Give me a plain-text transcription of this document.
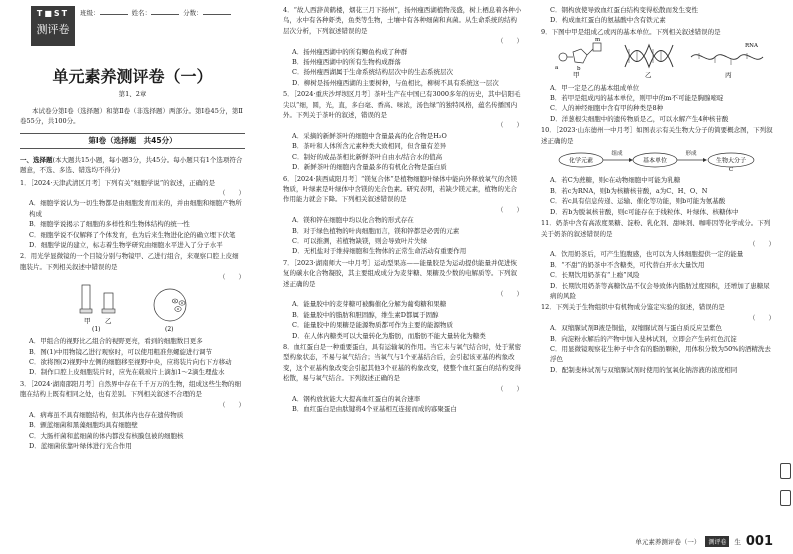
T■ST
测评卷
班级：	姓名：	分数：
单元素养测评卷（一）
第1、2章
本试卷分第Ⅰ卷（选择题）和第Ⅱ卷（非选择题）两部分。第Ⅰ卷45分，第Ⅱ卷55分，共100分。
第Ⅰ卷（选择题　共45分）
一、选择题(本大题共15小题，每小题3分，共45分。每小题只有1个选项符合题意，不选、多选、错选均不得分)
1．［2024·天津武清区月考］下列有关“细胞学说”的叙述，正确的是
（　　）
A．细胞学说认为一切生物都是由细胞发育而来的，并由细胞和细胞产物所构成
B．细胞学说揭示了细胞的多样性和生物体结构的统一性
C．细胞学说不仅解释了个体发育，也为后来生物进化论的确立埋下伏笔
D．细胞学说的建立，标志着生物学研究由细胞水平进入了分子水平
2．用光学显微镜的一个目镜分别与物镜甲、乙进行组合，来观察口腔上皮细胞装片。下列相关叙述中错误的是
（　　）
甲 乙
(1)	(2)
A．甲组合的视野比乙组合的视野更亮，看到的细胞数目更多
B．图(1)中用物镜乙进行观察时，可以使用粗准焦螺旋进行调节
C．欲将图(2)视野中左侧的细胞移至视野中央，应将装片向右下方移动
D．制作口腔上皮细胞装片时，应先在载玻片上滴加1～2滴生理盐水
3．［2024·湖南邵阳月考］自然界中存在千千万万的生物，组成这些生物的细胞在结构上既有相同之处，也有差别。下列相关叙述不合理的是
（　　）
A．病毒虽不具有细胞结构，但其体内也存在遗传物质
B．颤蓝细菌和黑藻细胞均具有细胞壁
C．大肠杆菌和蓝细菌的体内都没有核膜包被的细胞核
D．蓝细菌依靠叶绿体进行光合作用
4．“故人西辞黄鹤楼，烟花三月下扬州”，扬州瘦西湖植物茂盛，树上栖息着各种小鸟，水中有各种虾类，鱼类等生物，土壤中有各种细菌和真菌。从生命系统的结构层次分析，下列叙述错误的是
（　　）
A．扬州瘦西湖中的所有鲫鱼构成了种群
B．扬州瘦西湖中的所有生物构成群落
C．扬州瘦西湖属于生命系统结构层次中的生态系统层次
D．柳树是扬州瘦西湖的主要树种，与鱼相比，柳树不具有系统这一层次
5．［2024·重庆沙坪坝区月考］茶叶生产在中国已有3000多年的历史，其中信阳毛尖以“细，圆，光，直，多白毫、香高、味浓，汤色绿”的独特风格，蕴名传播国内外。下列关于茶叶的叙述，错误的是
（　　）
A．采摘的新鲜茶叶的细胞中含量最高的化合物是H₂O
B．茶叶和人体所含元素种类大致相同，但含量有差异
C．制好的成品茶相比新鲜茶叶自由水/结合水的值高
D．新鲜茶叶的细胞内含量最多的有机化合物是蛋白质
6．［2024·陕西咸阳月考］“镁复合体”是植物细胞叶绿体中能向外释放氧气的含镁物质，叶绿素是叶绿体中含镁的光合色素。研究表明，若缺少镁元素，植物的光合作用能力就会下降。下列相关叙述错误的是
（　　）
A．镁和锌在细胞中均以化合物的形式存在
B．对于绿色植物的叶肉细胞而言，镁和锌都是必需的元素
C．可以推测，若植物缺镁，则会导致叶片失绿
D．无机盐对于维持细胞和生物体的正常生命活动有重要作用
7．［2023·湖南师大一中月考］运动型果冻——能量胶是为运动提供能量并促进恢复的碳水化合物凝胶，其主要组成成分为麦芽糖、果糖及少数的电解质等。下列叙述正确的是
（　　）
A．能量胶中的麦芽糖可被酶催化分解为葡萄糖和果糖
B．能量胶中的脂肪和胆固醇，维生素D都属于固醇
C．能量胶中的果糖是能源物质都可作为主要的能源物质
D．在人体内糖类可以大量转化为脂肪，而脂肪不能大量转化为糖类
8．血红蛋白是一种重要蛋白，具有运输氧的作用。当它未与氧气结合时，处于紧密型构象状态，不易与氧气结合；当氧气与1个亚基结合后，会引起该亚基的构象改变，这个亚基构象改变会引起其他3个亚基的构象改变，使整个血红蛋白的结构变得松散，易与氧气结合。下列叙述正确的是
（　　）
A．钢构放抗能大大提高血红蛋白的氧合速率
B．血红蛋白是由肽键将4个亚基相互连接而成的寡聚蛋白
C．钢构放使导致血红蛋白结构变得松散而发生变性
D．构成血红蛋白的氨基酸中含有铁元素
9．下图中甲是组成乙或丙的基本单位。下列相关叙述错误的是
m
a	b
甲	乙
RNA
丙
A．甲一定是乙的基本组成单位
B．若甲是组成丙的基本单位，则甲中的m不可能是胸腺嘧啶
C．人的神经细胞中含有甲的种类是8种
D．洋葱根尖细胞中的遗传物质是乙，可以水解产生4种核苷酸
10．［2023·山东德州一中月考］如图表示有关生物大分子的简要概念图，下列叙述正确的是
化学元素
组成
基本单位
形成
生物大分子
C
A．若C为蔗糖，则c在动物细胞中可能为乳糖
B．若c为RNA，则b为核糖核苷酸，a为C、H、O、N
C．若c具有信息传递、运输、催化等功能，则b可能为氨基酸
D．若b为脱氧核苷酸，则c可能存在于线粒体、叶绿体、核糖体中
11．奶茶中含有高浓度果糖、淀粉、乳化剂、甜味剂、咖啡因等化学成分。下列关于奶茶的叙述错误的是
（　　）
A．饮用奶茶后，可产生饱腹感，也可以为人体细胞提供一定的能量
B．“不甜”的奶茶中不含糖类，可代替白开水大量饮用
C．长期饮用奶茶有“上瘾”风险
D．长期饮用奶茶等高糖饮品不仅会导致体内脂肪过度囤积，还增加了患糖尿病的风险
12．下列关于生物组织中有机物成分鉴定实验的叙述，错误的是
（　　）
A．双缩脲试剂B液是铜盐，双缩脲试剂与蛋白质反应呈紫色
B．向淀粉水解后的产物中加入斐林试剂，立即会产生砖红色沉淀
C．用显微镜观察花生种子中含有的脂肪颗粒，用体积分数为50%的酒精洗去浮色
D．配制斐林试剂与双缩脲试剂时使用的氢氧化钠溶液的浓度相同
单元素养测评卷（一）	测评卷	生 001
